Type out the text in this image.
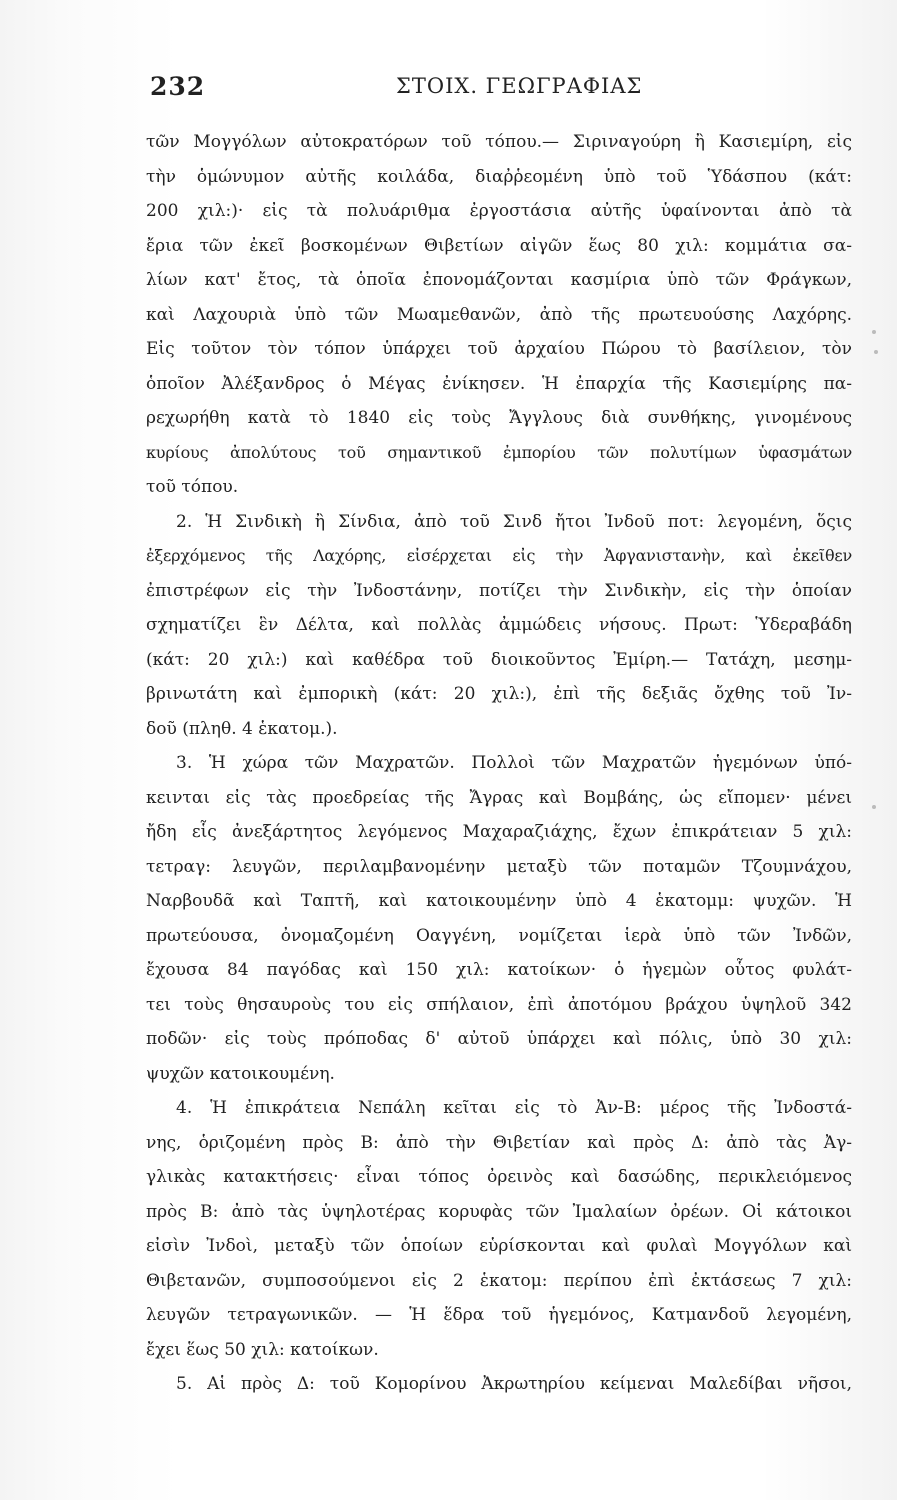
232	ΣΤΟΙΧ. ΓΕΩΓΡΑΦΙΑΣ
τῶν Μογγόλων αὐτοκρατόρων τοῦ τόπου.— Σιριναγούρη ἢ Κασιεμίρη, εἰς
τὴν ὁμώνυμον αὐτῆς κοιλάδα, διαῤῥεομένη ὑπὸ τοῦ Ὑδάσπου (κάτ:
200 χιλ:)· εἰς τὰ πολυάριθμα ἐργοστάσια αὐτῆς ὑφαίνονται ἀπὸ τὰ
ἔρια τῶν ἐκεῖ βοσκομένων Θιβετίων αἰγῶν ἕως 80 χιλ: κομμάτια σα-
λίων κατ' ἔτος, τὰ ὁποῖα ἐπονομάζονται κασμίρια ὑπὸ τῶν Φράγκων,
καὶ Λαχουριὰ ὑπὸ τῶν Μωαμεθανῶν, ἀπὸ τῆς πρωτευούσης Λαχόρης.
Εἰς τοῦτον τὸν τόπον ὑπάρχει τοῦ ἀρχαίου Πώρου τὸ βασίλειον, τὸν
ὁποῖον Ἀλέξανδρος ὁ Μέγας ἐνίκησεν. Ἡ ἐπαρχία τῆς Κασιεμίρης πα-
ρεχωρήθη κατὰ τὸ 1840 εἰς τοὺς Ἄγγλους διὰ συνθήκης, γινομένους
κυρίους ἀπολύτους τοῦ σημαντικοῦ ἐμπορίου τῶν πολυτίμων ὑφασμάτων
τοῦ τόπου.
2. Ἡ Σινδικὴ ἢ Σίνδια, ἀπὸ τοῦ Σινδ ἤτοι Ἰνδοῦ ποτ: λεγομένη, ὅςις
ἐξερχόμενος τῆς Λαχόρης, εἰσέρχεται εἰς τὴν Ἀφγανιστανὴν, καὶ ἐκεῖθεν
ἐπιστρέφων εἰς τὴν Ἰνδοστάνην, ποτίζει τὴν Σινδικὴν, εἰς τὴν ὁποίαν
σχηματίζει ἓν Δέλτα, καὶ πολλὰς ἀμμώδεις νήσους. Πρωτ: Ὑδεραβάδη
(κάτ: 20 χιλ:) καὶ καθέδρα τοῦ διοικοῦντος Ἐμίρη.— Τατάχη, μεσημ-
βρινωτάτη καὶ ἐμπορικὴ (κάτ: 20 χιλ:), ἐπὶ τῆς δεξιᾶς ὄχθης τοῦ Ἰν-
δοῦ (πληθ. 4 ἑκατομ.).
3. Ἡ χώρα τῶν Μαχρατῶν. Πολλοὶ τῶν Μαχρατῶν ἡγεμόνων ὑπό-
κεινται εἰς τὰς προεδρείας τῆς Ἄγρας καὶ Βομβάης, ὡς εἴπομεν· μένει
ἤδη εἷς ἀνεξάρτητος λεγόμενος Μαχαραζιάχης, ἔχων ἐπικράτειαν 5 χιλ:
τετραγ: λευγῶν, περιλαμβανομένην μεταξὺ τῶν ποταμῶν Τζουμνάχου,
Ναρβουδᾶ καὶ Ταπτῆ, καὶ κατοικουμένην ὑπὸ 4 ἑκατομμ: ψυχῶν. Ἡ
πρωτεύουσα, ὀνομαζομένη Οαγγένη, νομίζεται ἱερὰ ὑπὸ τῶν Ἰνδῶν,
ἔχουσα 84 παγόδας καὶ 150 χιλ: κατοίκων· ὁ ἡγεμὼν οὗτος φυλάτ-
τει τοὺς θησαυροὺς του εἰς σπήλαιον, ἐπὶ ἀποτόμου βράχου ὑψηλοῦ 342
ποδῶν· εἰς τοὺς πρόποδας δ' αὐτοῦ ὑπάρχει καὶ πόλις, ὑπὸ 30 χιλ:
ψυχῶν κατοικουμένη.
4. Ἡ ἐπικράτεια Νεπάλη κεῖται εἰς τὸ Ἀν-Β: μέρος τῆς Ἰνδοστά-
νης, ὁριζομένη πρὸς Β: ἀπὸ τὴν Θιβετίαν καὶ πρὸς Δ: ἀπὸ τὰς Ἀγ-
γλικὰς κατακτήσεις· εἶναι τόπος ὀρεινὸς καὶ δασώδης, περικλειόμενος
πρὸς Β: ἀπὸ τὰς ὑψηλοτέρας κορυφὰς τῶν Ἰμαλαίων ὀρέων. Οἱ κάτοικοι
εἰσὶν Ἰνδοὶ, μεταξὺ τῶν ὁποίων εὑρίσκονται καὶ φυλαὶ Μογγόλων καὶ
Θιβετανῶν, συμποσούμενοι εἰς 2 ἑκατομ: περίπου ἐπὶ ἐκτάσεως 7 χιλ:
λευγῶν τετραγωνικῶν. — Ἡ ἕδρα τοῦ ἡγεμόνος, Κατμανδοῦ λεγομένη,
ἔχει ἕως 50 χιλ: κατοίκων.
5. Αἱ πρὸς Δ: τοῦ Κομορίνου Ἀκρωτηρίου κείμεναι Μαλεδίβαι νῆσοι,
